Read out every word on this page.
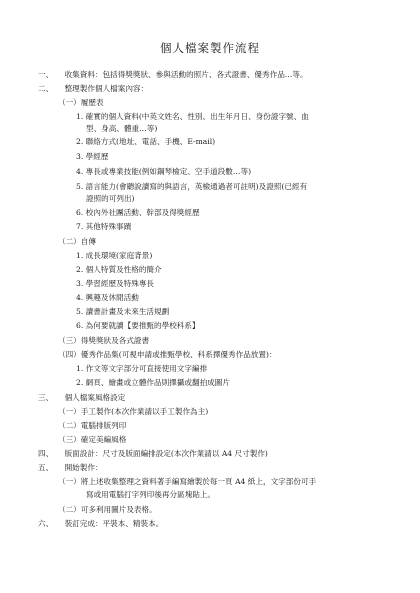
個人檔案製作流程
一、　　收集資料：包括得獎獎狀、參與活動的照片、各式證書、優秀作品…等。
二、　　整理製作個人檔案內容：
（一）履歷表
1. 確實的個人資料(中英文姓名、性別、出生年月日、身份證字號、血
型、身高、體重…等)
2. 聯絡方式(地址、電話、手機、E-mail)
3. 學經歷
4. 專長或專業技能(例如鋼琴檢定、空手道段數…等)
5. 語言能力(會聽說讀寫的與語言，英檢通過者可註明)及證照(已經有
證照的可列出)
6. 校內外社團活動、幹部及得獎經歷
7. 其他特殊事蹟
（二）自傳
1. 成長環境(家庭背景)
2. 個人特質及性格的簡介
3. 學習經歷及特殊專長
4. 興趣及休閒活動
5. 讀書計畫及未來生活規劃
6. 為何要就讀【要推甄的學校科系】
（三）得獎獎狀及各式證書
（四）優秀作品集(可視申請或推甄學校、科系擇優秀作品放置)：
1. 作文等文字部分可直接使用文字編排
2. 網頁、繪畫或立體作品則擇攝或翻拍成圖片
三、　　個人檔案風格設定
（一）手工製作(本次作業請以手工製作為主)
（二）電腦排版列印
（三）確定美編風格
四、　　版面設計：尺寸及版面編排設定(本次作業請以 A4 尺寸製作)
五、　　開始製作：
（一）將上述收集整理之資料著手編寫繪製於每一頁 A4 紙上，文字部份可手
寫或用電腦打字列印後再分區塊貼上。
（二）可多利用圖片及表格。
六、　　裝訂完成：平裝本、精裝本。
